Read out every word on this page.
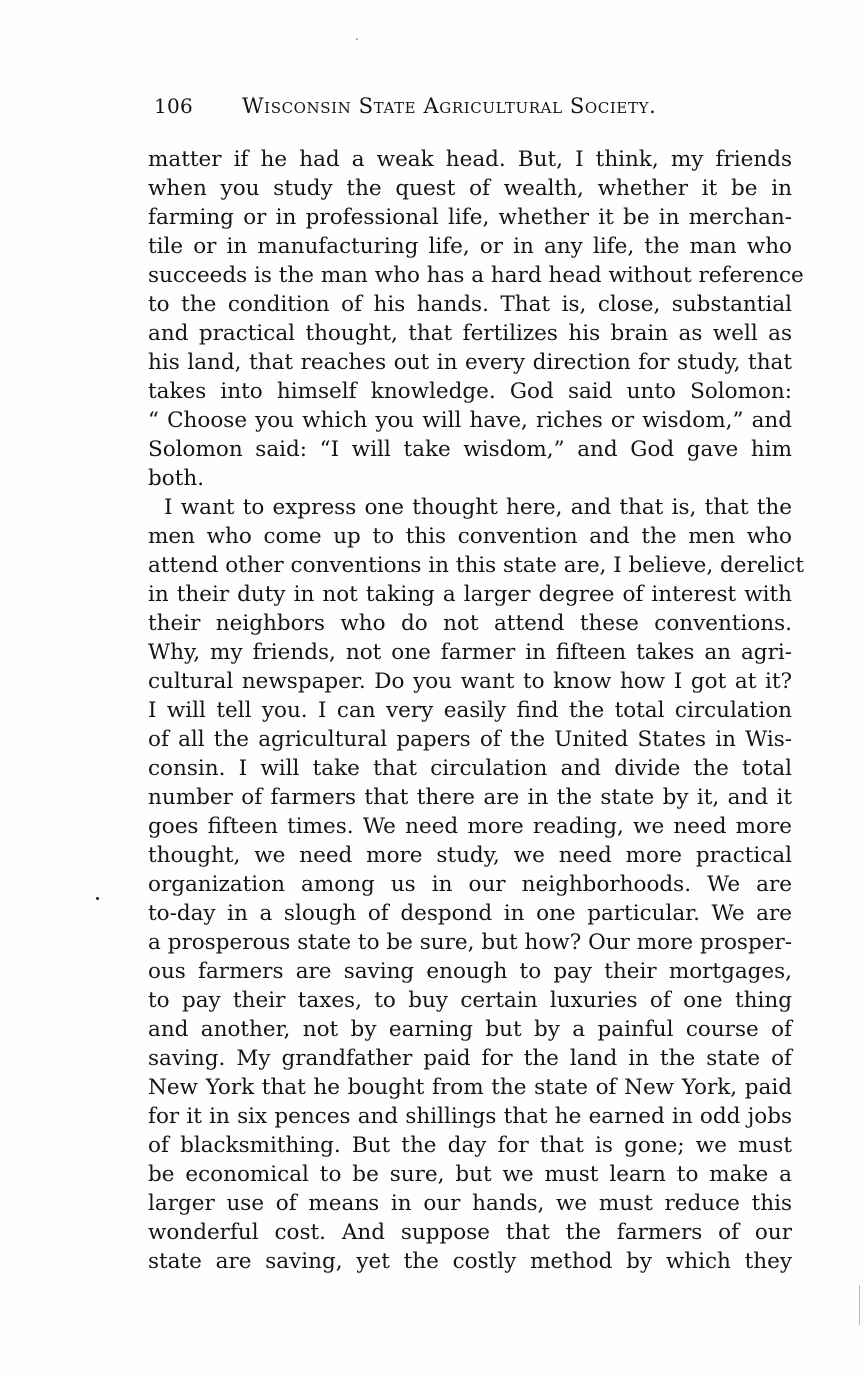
106 Wisconsin State Agricultural Society.
matter if he had a weak head. But, I think, my friends
when you study the quest of wealth, whether it be in
farming or in professional life, whether it be in merchan-
tile or in manufacturing life, or in any life, the man who
succeeds is the man who has a hard head without reference
to the condition of his hands. That is, close, substantial
and practical thought, that fertilizes his brain as well as
his land, that reaches out in every direction for study, that
takes into himself knowledge. God said unto Solomon:
“ Choose you which you will have, riches or wisdom,” and
Solomon said: “I will take wisdom,” and God gave him
both.
I want to express one thought here, and that is, that the
men who come up to this convention and the men who
attend other conventions in this state are, I believe, derelict
in their duty in not taking a larger degree of interest with
their neighbors who do not attend these conventions.
Why, my friends, not one farmer in fifteen takes an agri-
cultural newspaper. Do you want to know how I got at it?
I will tell you. I can very easily find the total circulation
of all the agricultural papers of the United States in Wis-
consin. I will take that circulation and divide the total
number of farmers that there are in the state by it, and it
goes fifteen times. We need more reading, we need more
thought, we need more study, we need more practical
organization among us in our neighborhoods. We are
to-day in a slough of despond in one particular. We are
a prosperous state to be sure, but how? Our more prosper-
ous farmers are saving enough to pay their mortgages,
to pay their taxes, to buy certain luxuries of one thing
and another, not by earning but by a painful course of
saving. My grandfather paid for the land in the state of
New York that he bought from the state of New York, paid
for it in six pences and shillings that he earned in odd jobs
of blacksmithing. But the day for that is gone; we must
be economical to be sure, but we must learn to make a
larger use of means in our hands, we must reduce this
wonderful cost. And suppose that the farmers of our
state are saving, yet the costly method by which they
